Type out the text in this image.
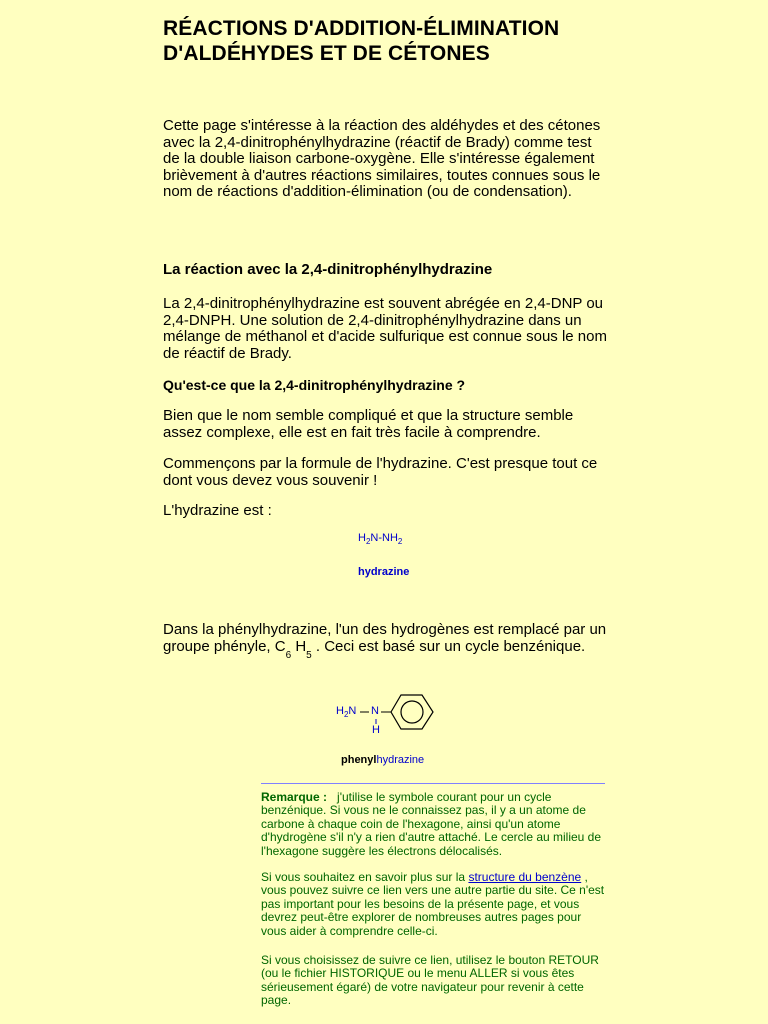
RÉACTIONS D'ADDITION-ÉLIMINATION
D'ALDÉHYDES ET DE CÉTONES

Cette page s'intéresse à la réaction des aldéhydes et des cétones avec la 2,4-dinitrophénylhydrazine (réactif de Brady) comme test de la double liaison carbone-oxygène. Elle s'intéresse également brièvement à d'autres réactions similaires, toutes connues sous le nom de réactions d'addition-élimination (ou de condensation).

La réaction avec la 2,4-dinitrophénylhydrazine

La 2,4-dinitrophénylhydrazine est souvent abrégée en 2,4-DNP ou 2,4-DNPH. Une solution de 2,4-dinitrophénylhydrazine dans un mélange de méthanol et d'acide sulfurique est connue sous le nom de réactif de Brady.

Qu'est-ce que la 2,4-dinitrophénylhydrazine ?

Bien que le nom semble compliqué et que la structure semble assez complexe, elle est en fait très facile à comprendre.

Commençons par la formule de l'hydrazine. C'est presque tout ce dont vous devez vous souvenir !

L'hydrazine est :

$H_2N-NH_2$
hydrazine

Dans la phénylhydrazine, l'un des hydrogènes est remplacé par un groupe phényle, $C_6$ $H_5$ . Ceci est basé sur un cycle benzénique.

$H_2N$ N
H
phenylhydrazine

Remarque : j'utilise le symbole courant pour un cycle benzénique. Si vous ne le connaissez pas, il y a un atome de carbone à chaque coin de l'hexagone, ainsi qu'un atome d'hydrogène s'il n'y a rien d'autre attaché. Le cercle au milieu de l'hexagone suggère les électrons délocalisés.

Si vous souhaitez en savoir plus sur la structure du benzène , vous pouvez suivre ce lien vers une autre partie du site. Ce n'est pas important pour les besoins de la présente page, et vous devrez peut-être explorer de nombreuses autres pages pour vous aider à comprendre celle-ci.

Si vous choisissez de suivre ce lien, utilisez le bouton RETOUR (ou le fichier HISTORIQUE ou le menu ALLER si vous êtes sérieusement égaré) de votre navigateur pour revenir à cette page.
